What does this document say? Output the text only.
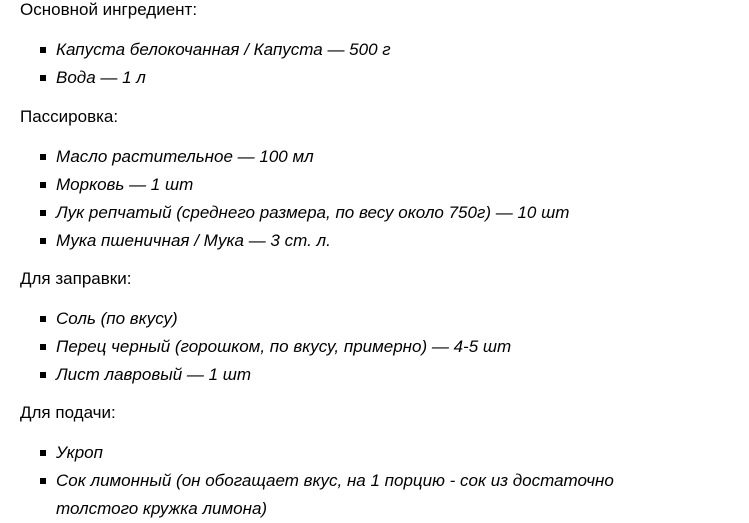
Основной ингредиент:
Капуста белокочанная / Капуста — 500 г
Вода — 1 л
Пассировка:
Масло растительное — 100 мл
Морковь — 1 шт
Лук репчатый (среднего размера, по весу около 750г) — 10 шт
Мука пшеничная / Мука — 3 ст. л.
Для заправки:
Соль (по вкусу)
Перец черный (горошком, по вкусу, примерно) — 4-5 шт
Лист лавровый — 1 шт
Для подачи:
Укроп
Сок лимонный (он обогащает вкус, на 1 порцию - сок из достаточно толстого кружка лимона)
